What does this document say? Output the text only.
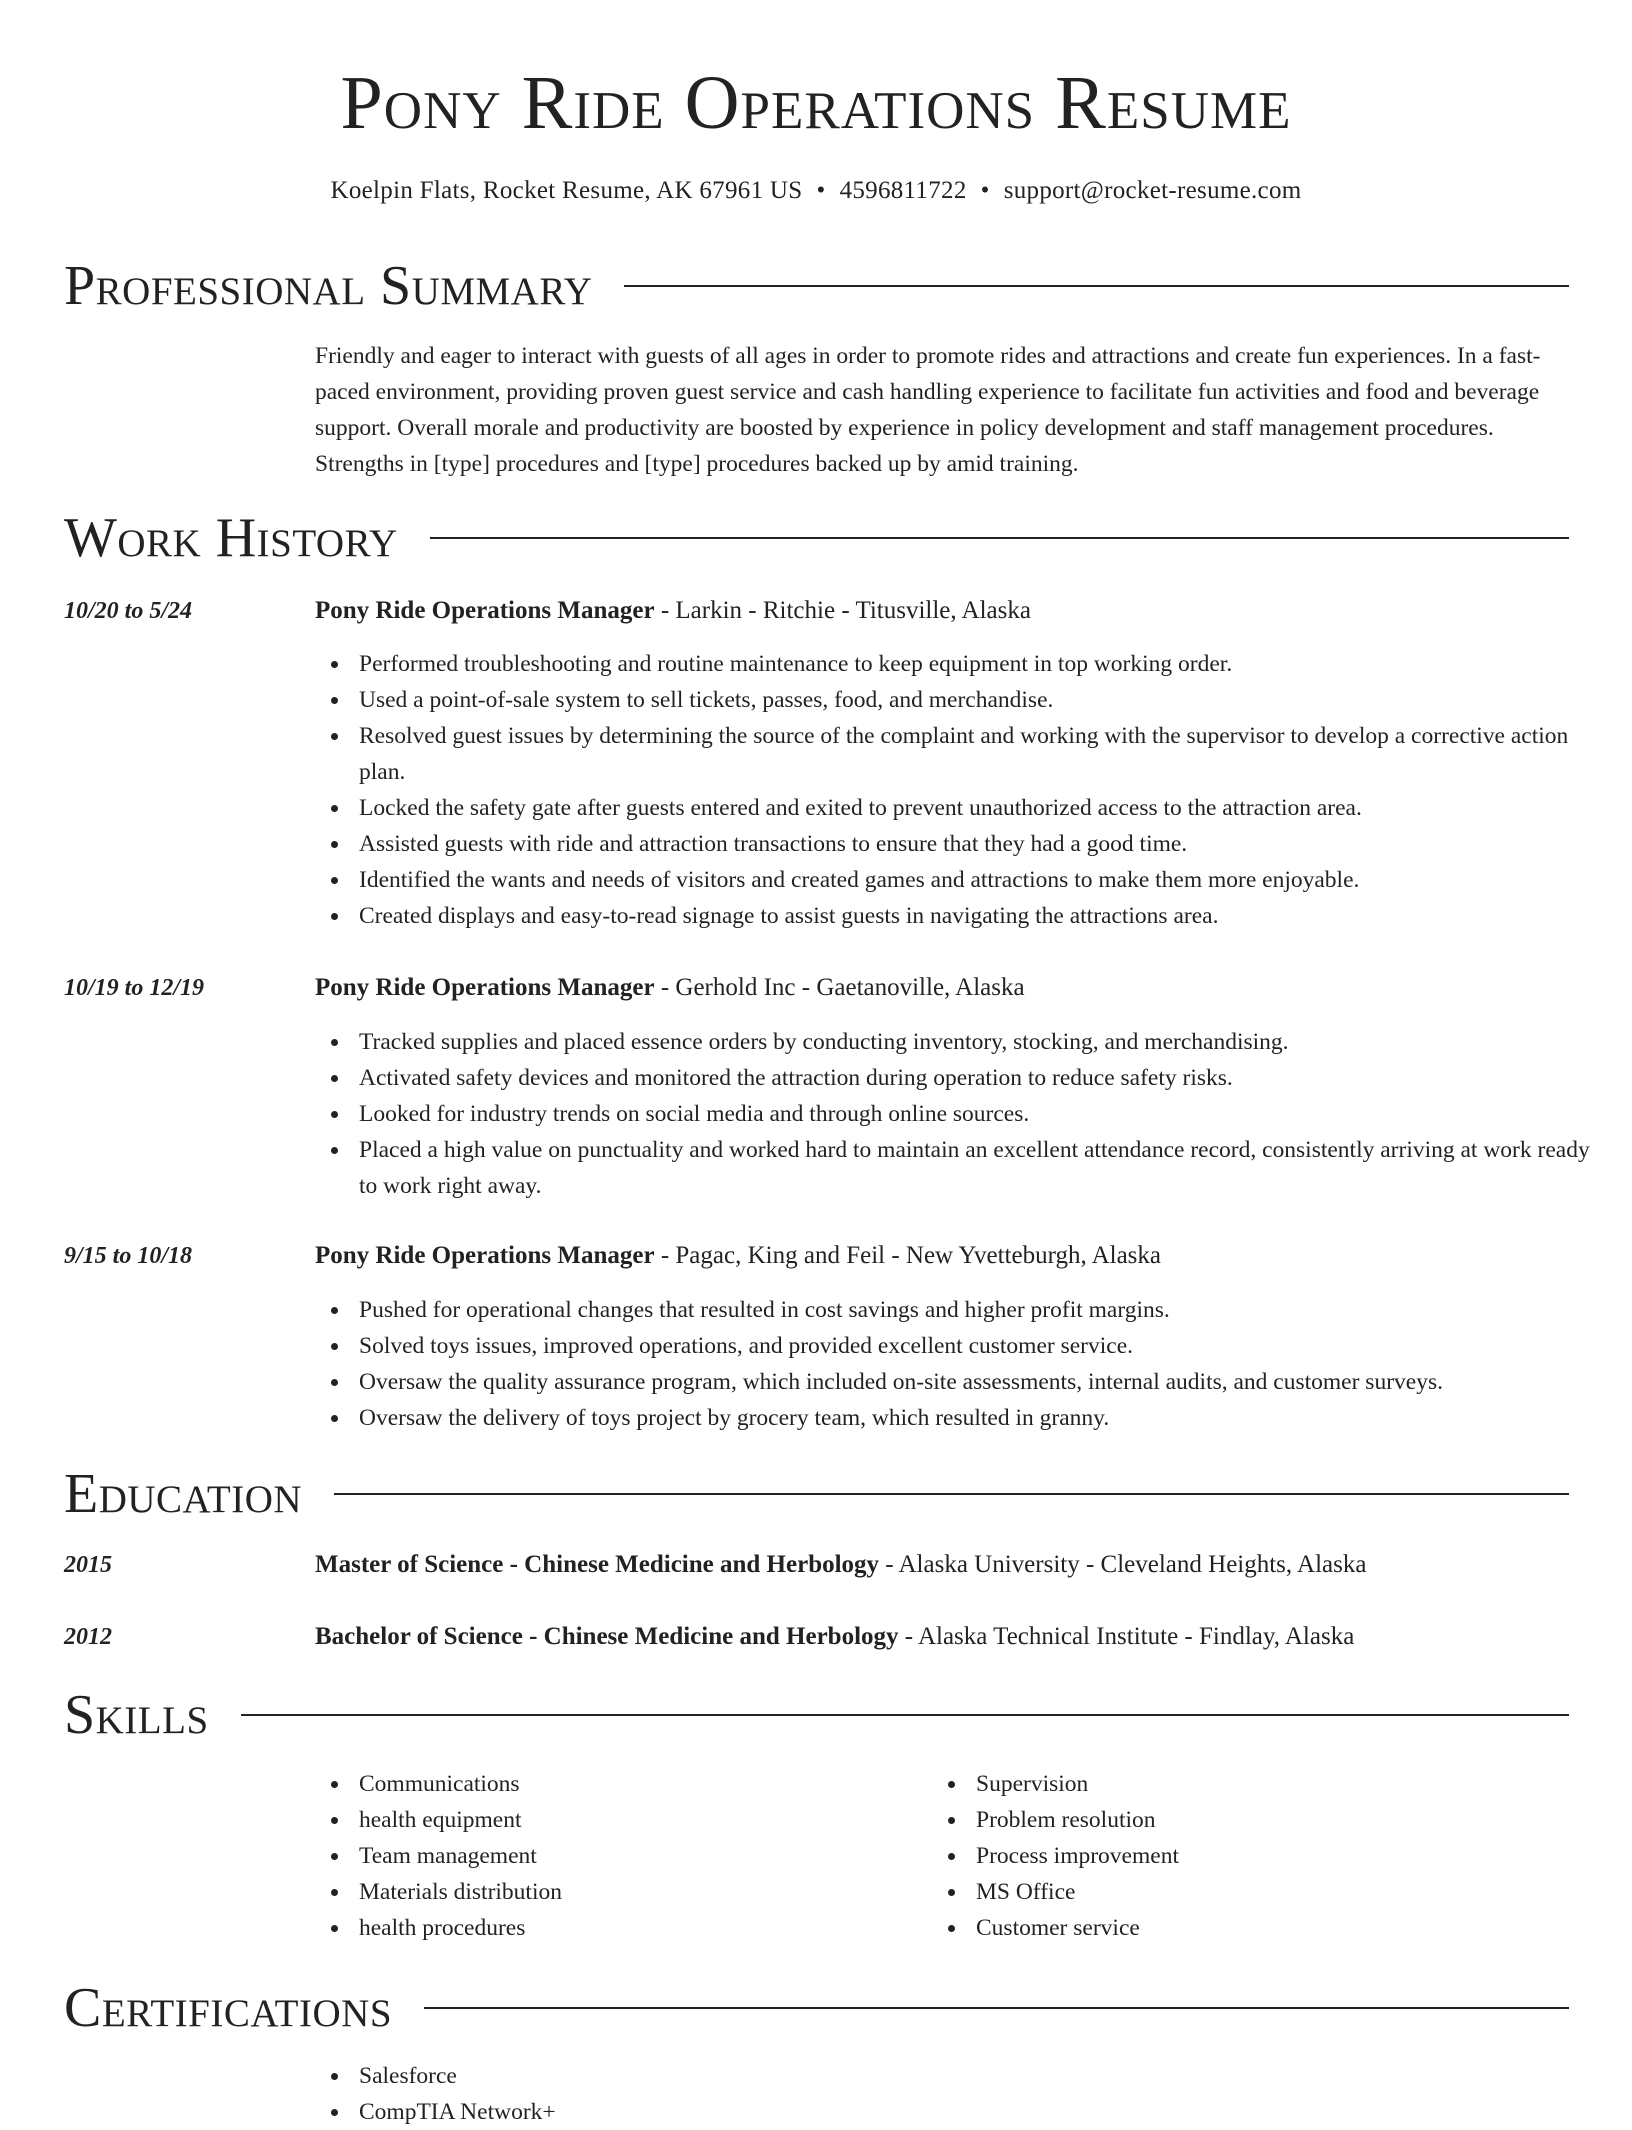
Pony Ride Operations Resume
Koelpin Flats, Rocket Resume, AK 67961 US • 4596811722 • support@rocket-resume.com
Professional Summary
Friendly and eager to interact with guests of all ages in order to promote rides and attractions and create fun experiences. In a fast-paced environment, providing proven guest service and cash handling experience to facilitate fun activities and food and beverage support. Overall morale and productivity are boosted by experience in policy development and staff management procedures. Strengths in [type] procedures and [type] procedures backed up by amid training.
Work History
10/20 to 5/24	Pony Ride Operations Manager - Larkin - Ritchie - Titusville, Alaska
Performed troubleshooting and routine maintenance to keep equipment in top working order.
Used a point-of-sale system to sell tickets, passes, food, and merchandise.
Resolved guest issues by determining the source of the complaint and working with the supervisor to develop a corrective action plan.
Locked the safety gate after guests entered and exited to prevent unauthorized access to the attraction area.
Assisted guests with ride and attraction transactions to ensure that they had a good time.
Identified the wants and needs of visitors and created games and attractions to make them more enjoyable.
Created displays and easy-to-read signage to assist guests in navigating the attractions area.
10/19 to 12/19	Pony Ride Operations Manager - Gerhold Inc - Gaetanoville, Alaska
Tracked supplies and placed essence orders by conducting inventory, stocking, and merchandising.
Activated safety devices and monitored the attraction during operation to reduce safety risks.
Looked for industry trends on social media and through online sources.
Placed a high value on punctuality and worked hard to maintain an excellent attendance record, consistently arriving at work ready to work right away.
9/15 to 10/18	Pony Ride Operations Manager - Pagac, King and Feil - New Yvetteburgh, Alaska
Pushed for operational changes that resulted in cost savings and higher profit margins.
Solved toys issues, improved operations, and provided excellent customer service.
Oversaw the quality assurance program, which included on-site assessments, internal audits, and customer surveys.
Oversaw the delivery of toys project by grocery team, which resulted in granny.
Education
2015	Master of Science - Chinese Medicine and Herbology - Alaska University - Cleveland Heights, Alaska
2012	Bachelor of Science - Chinese Medicine and Herbology - Alaska Technical Institute - Findlay, Alaska
Skills
Communications
health equipment
Team management
Materials distribution
health procedures
Supervision
Problem resolution
Process improvement
MS Office
Customer service
Certifications
Salesforce
CompTIA Network+
